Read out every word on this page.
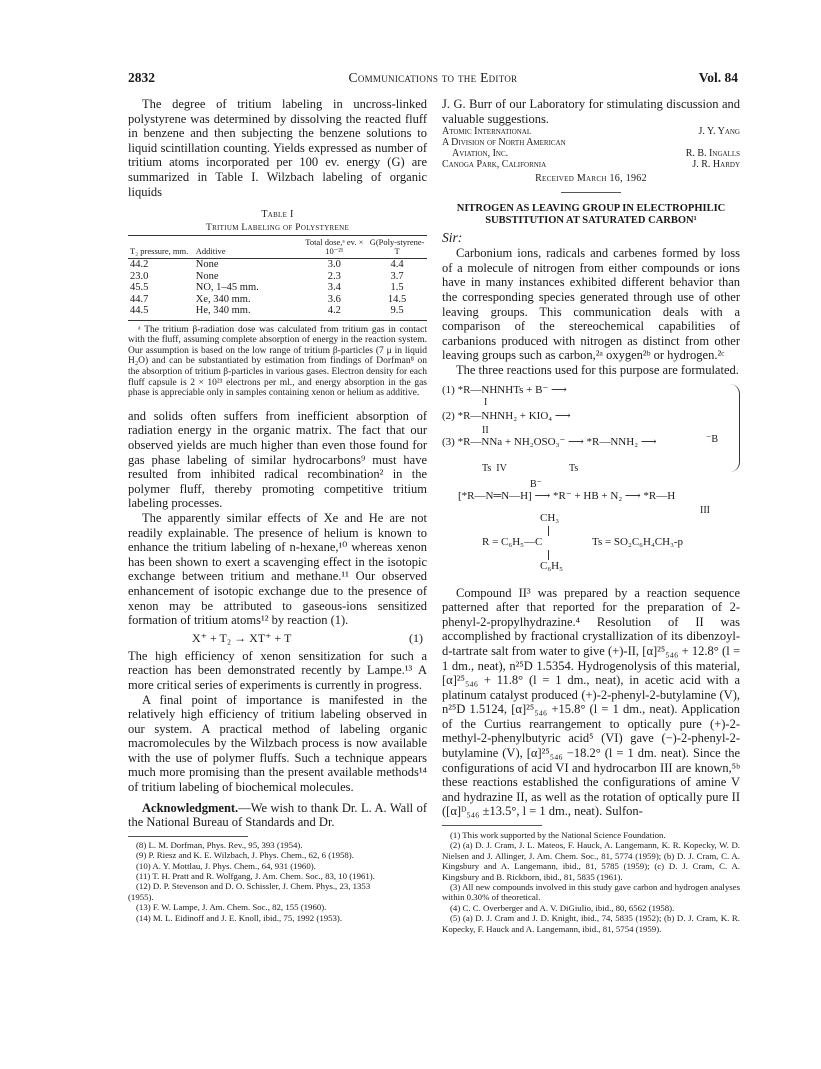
2832	Communications to the Editor	Vol. 84

The degree of tritium labeling in uncross-linked polystyrene was determined by dissolving the reacted fluff in benzene and then subjecting the benzene solutions to liquid scintillation counting. Yields expressed as number of tritium atoms incorporated per 100 ev. energy (G) are summarized in Table I. Wilzbach labeling of organic liquids

Table I
Tritium Labeling of Polystyrene
T₂ pressure, mm.	Additive	Total dose,ᵃ ev. × 10⁻²¹	G(Poly-styrene-T
44.2	None	3.0	4.4
23.0	None	2.3	3.7
45.5	NO, 1–45 mm.	3.4	1.5
44.7	Xe, 340 mm.	3.6	14.5
44.5	He, 340 mm.	4.2	9.5
ᵃ The tritium β-radiation dose was calculated from tritium gas in contact with the fluff, assuming complete absorption of energy in the reaction system. Our assumption is based on the low range of tritium β-particles (7 μ in liquid H₂O) and can be substantiated by estimation from findings of Dorfman⁸ on the absorption of tritium β-particles in various gases. Electron density for each fluff capsule is 2 × 10²¹ electrons per ml., and energy absorption in the gas phase is appreciable only in samples containing xenon or helium as additive.

and solids often suffers from inefficient absorption of radiation energy in the organic matrix. The fact that our observed yields are much higher than even those found for gas phase labeling of similar hydrocarbons⁹ must have resulted from inhibited radical recombination² in the polymer fluff, thereby promoting competitive tritium labeling processes.

The apparently similar effects of Xe and He are not readily explainable. The presence of helium is known to enhance the tritium labeling of n-hexane,¹⁰ whereas xenon has been shown to exert a scavenging effect in the isotopic exchange between tritium and methane.¹¹ Our observed enhancement of isotopic exchange due to the presence of xenon may be attributed to gaseous-ions sensitized formation of tritium atoms¹² by reaction (1).

X⁺ + T₂ → XT⁺ + T	(1)

The high efficiency of xenon sensitization for such a reaction has been demonstrated recently by Lampe.¹³ A more critical series of experiments is currently in progress.

A final point of importance is manifested in the relatively high efficiency of tritium labeling observed in our system. A practical method of labeling organic macromolecules by the Wilzbach process is now available with the use of polymer fluffs. Such a technique appears much more promising than the present available methods¹⁴ of tritium labeling of biochemical molecules.

Acknowledgment.—We wish to thank Dr. L. A. Wall of the National Bureau of Standards and Dr.

(8) L. M. Dorfman, Phys. Rev., 95, 393 (1954).
(9) P. Riesz and K. E. Wilzbach, J. Phys. Chem., 62, 6 (1958).
(10) A. Y. Mottlau, J. Phys. Chem., 64, 931 (1960).
(11) T. H. Pratt and R. Wolfgang, J. Am. Chem. Soc., 83, 10 (1961).
(12) D. P. Stevenson and D. O. Schissler, J. Chem. Phys., 23, 1353
(1955).
(13) F. W. Lampe, J. Am. Chem. Soc., 82, 155 (1960).
(14) M. L. Eidinoff and J. E. Knoll, ibid., 75, 1992 (1953).

J. G. Burr of our Laboratory for stimulating discussion and valuable suggestions.

Atomic International	J. Y. Yang
A Division of North American
Aviation, Inc.	R. B. Ingalls
Canoga Park, California	J. R. Hardy
Received March 16, 1962
NITROGEN AS LEAVING GROUP IN ELECTROPHILIC SUBSTITUTION AT SATURATED CARBON¹
Sir:

Carbonium ions, radicals and carbenes formed by loss of a molecule of nitrogen from either compounds or ions have in many instances exhibited different behavior than the corresponding species generated through use of other leaving groups. This communication deals with a comparison of the stereochemical capabilities of carbanions produced with nitrogen as distinct from other leaving groups such as carbon,²ᵃ oxygen²ᵇ or hydrogen.²ᶜ

The three reactions used for this purpose are formulated.

(1) *R—NHNHTs + B⁻ ⟶
I
(2) *R—NHNH₂ + KIO₄ ⟶
II
⁻B
(3) *R—NNa + NH₂OSO₃⁻ ⟶ *R—NNH₂ ⟶
Ts  IV                         Ts
B⁻
[*R—N═N—H] ⟶ *R⁻ + HB + N₂ ⟶ *R—H
III
CH₃
R = C₆H₅—C	Ts = SO₂C₆H₄CH₃-p
C₆H₅

Compound II³ was prepared by a reaction sequence patterned after that reported for the preparation of 2-phenyl-2-propylhydrazine.⁴ Resolution of II was accomplished by fractional crystallization of its dibenzoyl-d-tartrate salt from water to give (+)-II, [α]²⁵₅₄₆ + 12.8° (l = 1 dm., neat), n²⁵D 1.5354. Hydrogenolysis of this material, [α]²⁵₅₄₆ + 11.8° (l = 1 dm., neat), in acetic acid with a platinum catalyst produced (+)-2-phenyl-2-butylamine (V), n²⁵D 1.5124, [α]²⁵₅₄₆ +15.8° (l = 1 dm., neat). Application of the Curtius rearrangement to optically pure (+)-2-methyl-2-phenylbutyric acid⁵ (VI) gave (−)-2-phenyl-2-butylamine (V), [α]²⁵₅₄₆ −18.2° (l = 1 dm. neat). Since the configurations of acid VI and hydrocarbon III are known,⁵ᵇ these reactions established the configurations of amine V and hydrazine II, as well as the rotation of optically pure II ([α]ᴰ₅₄₆ ±13.5°, l = 1 dm., neat). Sulfon-

(1) This work supported by the National Science Foundation.
(2) (a) D. J. Cram, J. L. Mateos, F. Hauck, A. Langemann, K. R. Kopecky, W. D. Nielsen and J. Allinger, J. Am. Chem. Soc., 81, 5774 (1959); (b) D. J. Cram, C. A. Kingsbury and A. Langemann, ibid., 81, 5785 (1959); (c) D. J. Cram, C. A. Kingsbury and B. Rickborn, ibid., 81, 5835 (1961).
(3) All new compounds involved in this study gave carbon and hydrogen analyses within 0.30% of theoretical.
(4) C. C. Overberger and A. V. DiGiulio, ibid., 80, 6562 (1958).
(5) (a) D. J. Cram and J. D. Knight, ibid., 74, 5835 (1952); (b) D. J. Cram, K. R. Kopecky, F. Hauck and A. Langemann, ibid., 81, 5754 (1959).
